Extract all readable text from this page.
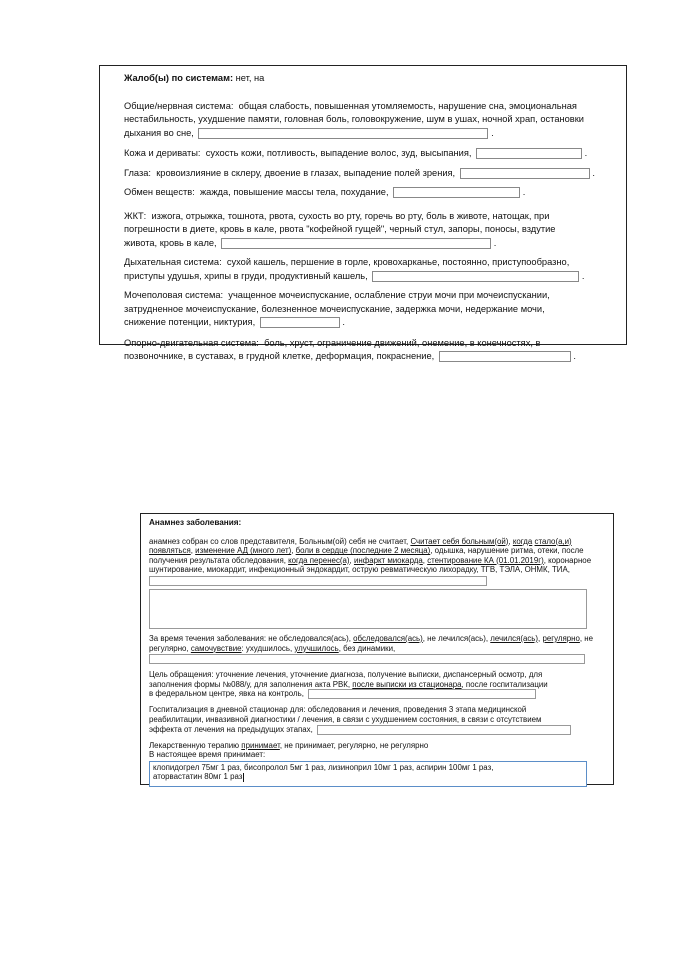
Жалоб(ы) по системам: нет, на
Общие/нервная система: общая слабость, повышенная утомляемость, нарушение сна, эмоциональная
нестабильность, ухудшение памяти, головная боль, головокружение, шум в ушах, ночной храп, остановки
дыхания во сне,	.
Кожа и дериваты: сухость кожи, потливость, выпадение волос, зуд, высыпания,	.
Глаза: кровоизлияние в склеру, двоение в глазах, выпадение полей зрения,	.
Обмен веществ: жажда, повышение массы тела, похудание,	.
ЖКТ: изжога, отрыжка, тошнота, рвота, сухость во рту, горечь во рту, боль в животе, натощак, при
погрешности в диете, кровь в кале, рвота "кофейной гущей", черный стул, запоры, поносы, вздутие
живота, кровь в кале,	.
Дыхательная система: сухой кашель, першение в горле, кровохарканье, постоянно, приступообразно,
приступы удушья, хрипы в груди, продуктивный кашель,	.
Мочеполовая система: учащенное мочеиспускание, ослабление струи мочи при мочеиспускании,
затрудненное мочеиспускание, болезненное мочеиспускание, задержка мочи, недержание мочи,
снижение потенции, никтурия,	.
Опорно-двигательная система: боль, хруст, ограничение движений, онемение, в конечностях, в
позвоночнике, в суставах, в грудной клетке, деформация, покраснение,	.
Анамнез заболевания:
анамнез собран со слов представителя, Больным(ой) себя не считает, Считает себя больным(ой), когда стало(а,и) появляться, изменение АД (много лет), боли в сердце (последние 2 месяца), одышка, нарушение ритма, отеки, после получения результата обследования, когда перенес(а), инфаркт миокарда, стентирование КА (01.01.2019г), коронарное шунтирование, миокардит, инфекционный эндокардит, острую ревматическую лихорадку, ТГВ, ТЭЛА, ОНМК, ТИА,
За время течения заболевания: не обследовался(ась), обследовался(ась), не лечился(ась), лечился(ась), регулярно, не регулярно, самочувствие: ухудшилось, улучшилось, без динамики,
Цель обращения: уточнение лечения, уточнение диагноза, получение выписки, диспансерный осмотр, для
заполнения формы №088/у, для заполнения акта РВК, после выписки из стационара, после госпитализации
в федеральном центре, явка на контроль,
Госпитализация в дневной стационар для: обследования и лечения, проведения 3 этапа медицинской
реабилитации, инвазивной диагностики / лечения, в связи с ухудшением состояния, в связи с отсутствием
эффекта от лечения на предыдущих этапах,
Лекарственную терапию принимает, не принимает, регулярно, не регулярно
В настоящее время принимает:
клопидогрел 75мг 1 раз, бисопролол 5мг 1 раз, лизиноприл 10мг 1 раз, аспирин 100мг 1 раз,
аторвастатин 80мг 1 раз
